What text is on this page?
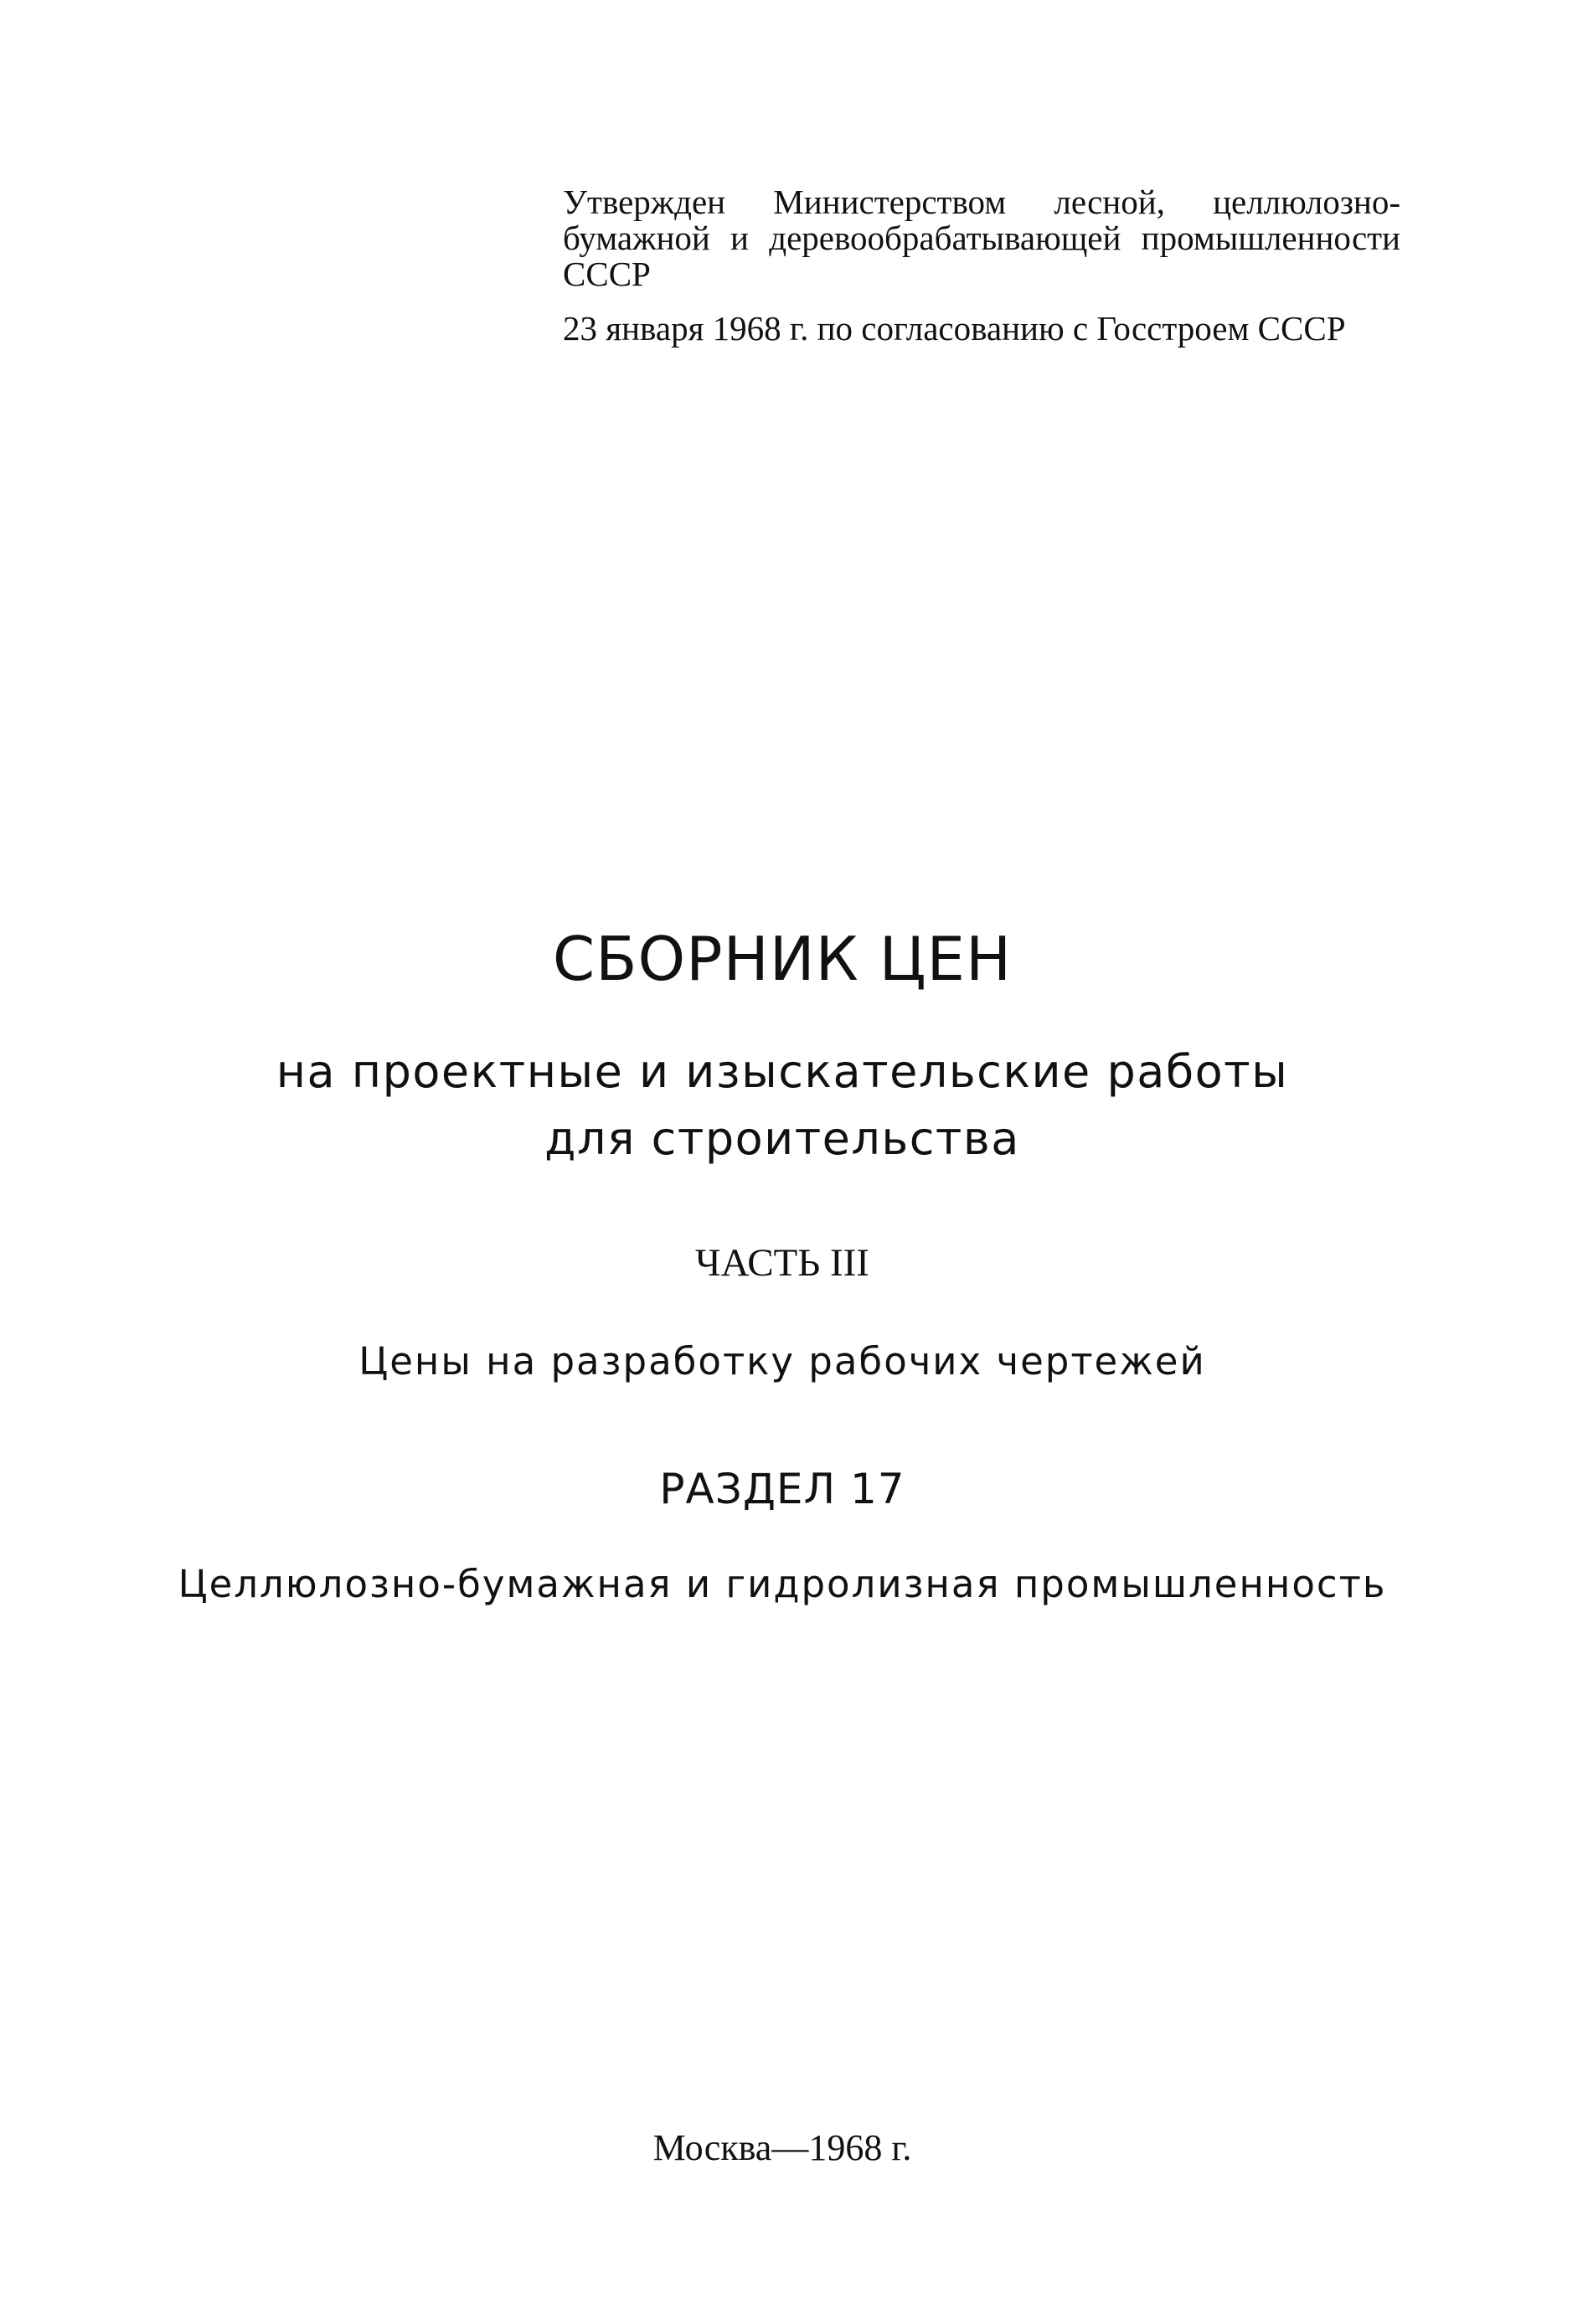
Утвержден Министерством лесной, целлюлозно-бумажной и деревообрабатывающей промышленности СССР

23 января 1968 г. по согласованию с Госстроем СССР

СБОРНИК ЦЕН
на проектные и изыскательские работы
для строительства
ЧАСТЬ III
Цены на разработку рабочих чертежей
РАЗДЕЛ 17
Целлюлозно-бумажная и гидролизная промышленность
Москва—1968 г.
